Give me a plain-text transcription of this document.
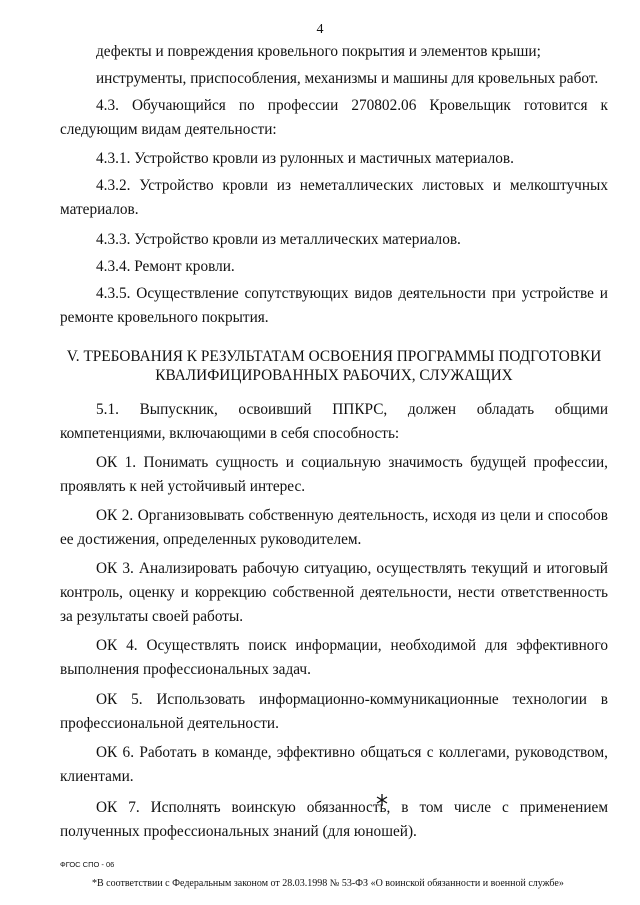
4
дефекты и повреждения кровельного покрытия и элементов крыши;
инструменты, приспособления, механизмы и машины для кровельных работ.
4.3. Обучающийся по профессии 270802.06 Кровельщик готовится к следующим видам деятельности:
4.3.1. Устройство кровли из рулонных и мастичных материалов.
4.3.2. Устройство кровли из неметаллических листовых и мелкоштучных материалов.
4.3.3. Устройство кровли из металлических материалов.
4.3.4. Ремонт кровли.
4.3.5. Осуществление сопутствующих видов деятельности при устройстве и ремонте кровельного покрытия.
V. ТРЕБОВАНИЯ К РЕЗУЛЬТАТАМ ОСВОЕНИЯ ПРОГРАММЫ ПОДГОТОВКИ
КВАЛИФИЦИРОВАННЫХ РАБОЧИХ, СЛУЖАЩИХ
5.1. Выпускник, освоивший ППКРС, должен обладать общими компетенциями, включающими в себя способность:
ОК 1. Понимать сущность и социальную значимость будущей профессии, проявлять к ней устойчивый интерес.
ОК 2. Организовывать собственную деятельность, исходя из цели и способов ее достижения, определенных руководителем.
ОК 3. Анализировать рабочую ситуацию, осуществлять текущий и итоговый контроль, оценку и коррекцию собственной деятельности, нести ответственность за результаты своей работы.
ОК 4. Осуществлять поиск информации, необходимой для эффективного выполнения профессиональных задач.
ОК 5. Использовать информационно-коммуникационные технологии в профессиональной деятельности.
ОК 6. Работать в команде, эффективно общаться с коллегами, руководством, клиентами.
ОК 7. Исполнять воинскую обязанность, в том числе с применением полученных профессиональных знаний (для юношей).
ФГОС СПО - 06
*В соответствии с Федеральным законом от 28.03.1998 № 53-ФЗ «О воинской обязанности и военной службе»
